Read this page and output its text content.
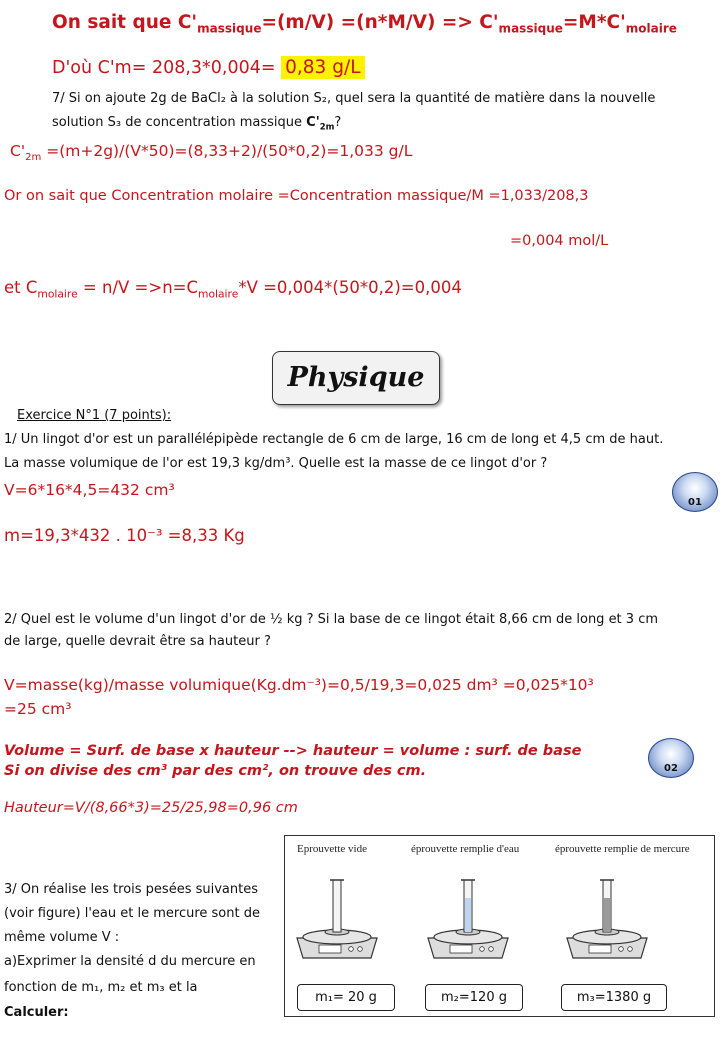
On sait que $C'_{massique}=(m/V) =(n*M/V) => C'_{massique}=M*C'_{molaire}$
D'où C'm= 208,3*0,004= 0,83 g/L
7/ Si on ajoute 2g de BaCl₂ à la solution S₂, quel sera la quantité de matière dans la nouvelle
solution S₃ de concentration massique $C'_{2m}$?
$C'_{2m} =(m+2g)/(V*50)=(8,33+2)/(50*0,2)=1,033$ g/L
Or on sait que Concentration molaire =Concentration massique/M =1,033/208,3
=0,004 mol/L
et $C_{molaire} = n/V =>n=C_{molaire}*V =0,004*(50*0,2)=0,004$
Physique
Exercice N°1 (7 points):
1/ Un lingot d'or est un parallélépipède rectangle de 6 cm de large, 16 cm de long et 4,5 cm de haut.
La masse volumique de l'or est 19,3 kg/dm³. Quelle est la masse de ce lingot d'or ?
V=6*16*4,5=432 cm³
01
m=19,3*432 . 10⁻³ =8,33 Kg
2/ Quel est le volume d'un lingot d'or de ½ kg ? Si la base de ce lingot était 8,66 cm de long et 3 cm
de large, quelle devrait être sa hauteur ?
V=masse(kg)/masse volumique(Kg.dm⁻³)=0,5/19,3=0,025 dm³ =0,025*10³
=25 cm³
Volume = Surf. de base x hauteur --> hauteur = volume : surf. de base
Si on divise des cm³ par des cm², on trouve des cm.	02
Hauteur=V/(8,66*3)=25/25,98=0,96 cm
3/ On réalise les trois pesées suivantes
(voir figure) l'eau et le mercure sont de
même volume V :
a)Exprimer la densité d du mercure en
fonction de m₁, m₂ et m₃ et la
Calculer:
Eprouvette vide	éprouvette remplie d'eau	éprouvette remplie de mercure
m₁= 20 g	m₂=120 g	m₃=1380 g
